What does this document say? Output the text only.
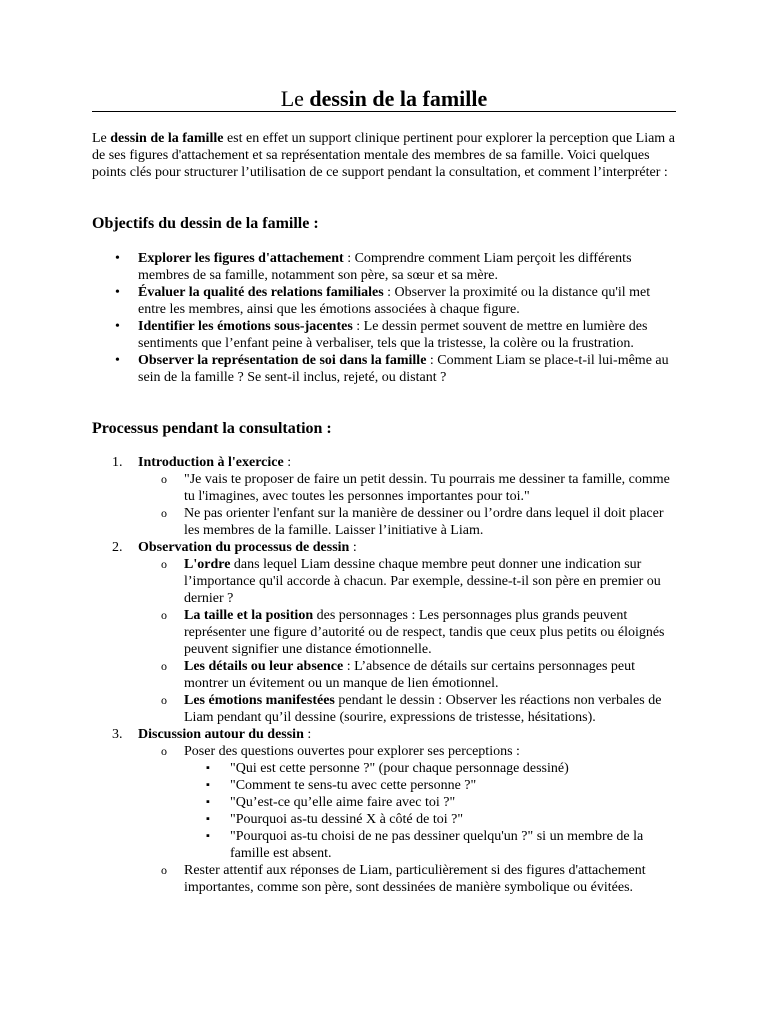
Le dessin de la famille

Le dessin de la famille est en effet un support clinique pertinent pour explorer la perception que Liam a de ses figures d'attachement et sa représentation mentale des membres de sa famille. Voici quelques points clés pour structurer l’utilisation de ce support pendant la consultation, et comment l’interpréter :

Objectifs du dessin de la famille :
• Explorer les figures d'attachement : Comprendre comment Liam perçoit les différents membres de sa famille, notamment son père, sa sœur et sa mère.
• Évaluer la qualité des relations familiales : Observer la proximité ou la distance qu'il met entre les membres, ainsi que les émotions associées à chaque figure.
• Identifier les émotions sous-jacentes : Le dessin permet souvent de mettre en lumière des sentiments que l’enfant peine à verbaliser, tels que la tristesse, la colère ou la frustration.
• Observer la représentation de soi dans la famille : Comment Liam se place-t-il lui-même au sein de la famille ? Se sent-il inclus, rejeté, ou distant ?
Processus pendant la consultation :
1. Introduction à l'exercice :
o "Je vais te proposer de faire un petit dessin. Tu pourrais me dessiner ta famille, comme tu l'imagines, avec toutes les personnes importantes pour toi."
o Ne pas orienter l'enfant sur la manière de dessiner ou l’ordre dans lequel il doit placer les membres de la famille. Laisser l’initiative à Liam.
2. Observation du processus de dessin :
o L'ordre dans lequel Liam dessine chaque membre peut donner une indication sur l’importance qu'il accorde à chacun. Par exemple, dessine-t-il son père en premier ou dernier ?
o La taille et la position des personnages : Les personnages plus grands peuvent représenter une figure d’autorité ou de respect, tandis que ceux plus petits ou éloignés peuvent signifier une distance émotionnelle.
o Les détails ou leur absence : L’absence de détails sur certains personnages peut montrer un évitement ou un manque de lien émotionnel.
o Les émotions manifestées pendant le dessin : Observer les réactions non verbales de Liam pendant qu’il dessine (sourire, expressions de tristesse, hésitations).
3. Discussion autour du dessin :
o Poser des questions ouvertes pour explorer ses perceptions :
▪ "Qui est cette personne ?" (pour chaque personnage dessiné)
▪ "Comment te sens-tu avec cette personne ?"
▪ "Qu’est-ce qu’elle aime faire avec toi ?"
▪ "Pourquoi as-tu dessiné X à côté de toi ?"
▪ "Pourquoi as-tu choisi de ne pas dessiner quelqu'un ?" si un membre de la famille est absent.
o Rester attentif aux réponses de Liam, particulièrement si des figures d'attachement importantes, comme son père, sont dessinées de manière symbolique ou évitées.
